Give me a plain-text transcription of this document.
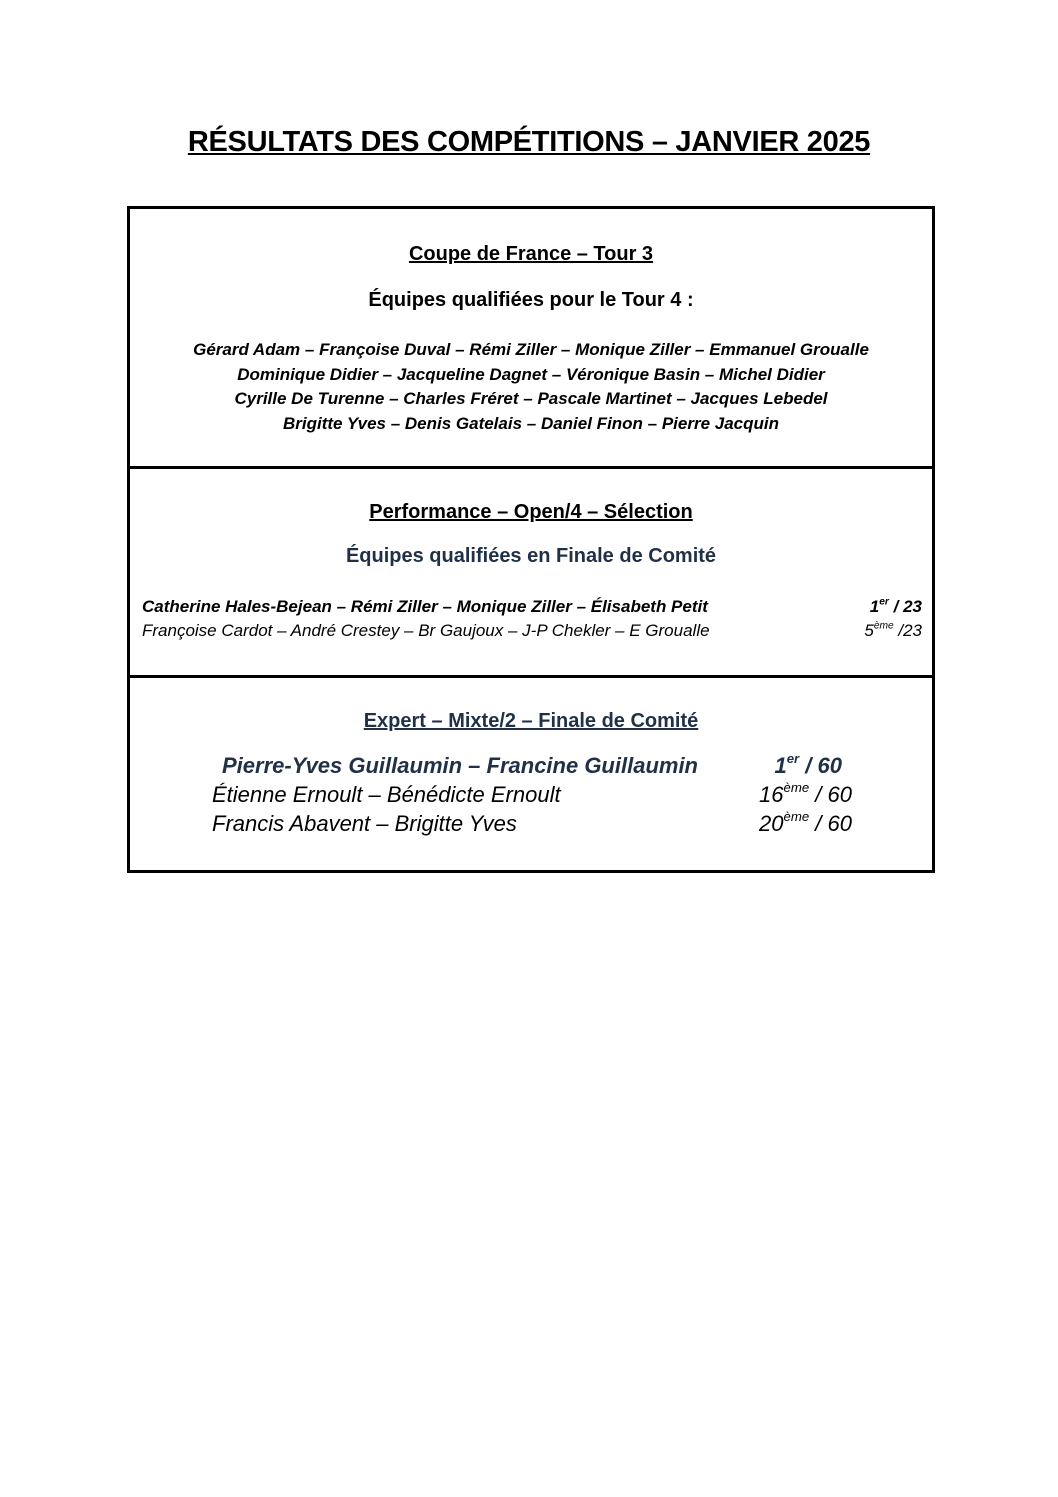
RÉSULTATS DES COMPÉTITIONS – JANVIER 2025
Coupe de France – Tour 3
Équipes qualifiées pour le Tour 4 :
Gérard Adam – Françoise Duval – Rémi Ziller – Monique Ziller – Emmanuel Groualle
Dominique Didier – Jacqueline Dagnet – Véronique Basin – Michel Didier
Cyrille De Turenne – Charles Fréret – Pascale Martinet – Jacques Lebedel
Brigitte Yves – Denis Gatelais – Daniel Finon – Pierre Jacquin
Performance – Open/4 – Sélection
Équipes qualifiées en Finale de Comité
Catherine Hales-Bejean – Rémi Ziller – Monique Ziller – Élisabeth Petit	1er / 23
Françoise Cardot – André Crestey – Br Gaujoux – J-P Chekler – E Groualle	5ème /23
Expert – Mixte/2 – Finale de Comité
Pierre-Yves Guillaumin – Francine Guillaumin	1er / 60
Étienne Ernoult – Bénédicte Ernoult	16ème / 60
Francis Abavent – Brigitte Yves	20ème / 60
